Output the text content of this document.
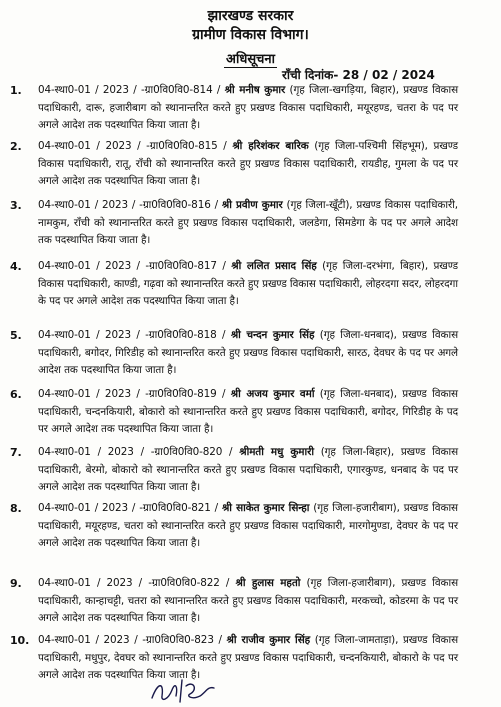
झारखण्ड सरकार
ग्रामीण विकास विभाग।
अधिसूचना
राँची दिनांक- 28 / 02 / 2024
1.	04-स्था0-01 / 2023 / -ग्रा0वि0वि0-814 / श्री मनीष कुमार (गृह जिला-खगड़िया, बिहार), प्रखण्ड विकास पदाधिकारी, दारू, हजारीबाग को स्थानान्तरित करते हुए प्रखण्ड विकास पदाधिकारी, मयूरहण्ड, चतरा के पद पर अगले आदेश तक पदस्थापित किया जाता है।
2.	04-स्था0-01 / 2023 / -ग्रा0वि0वि0-815 / श्री हरिशंकर बारिक (गृह जिला-पश्चिमी सिंहभूम), प्रखण्ड विकास पदाधिकारी, रातू, राँची को स्थानान्तरित करते हुए प्रखण्ड विकास पदाधिकारी, रायडीह, गुमला के पद पर अगले आदेश तक पदस्थापित किया जाता है।
3.	04-स्था0-01 / 2023 / -ग्रा0वि0वि0-816 / श्री प्रवीण कुमार (गृह जिला-खूँटी), प्रखण्ड विकास पदाधिकारी, नामकुम, राँची को स्थानान्तरित करते हुए प्रखण्ड विकास पदाधिकारी, जलडेगा, सिमडेगा के पद पर अगले आदेश तक पदस्थापित किया जाता है।
4.	04-स्था0-01 / 2023 / -ग्रा0वि0वि0-817 / श्री ललित प्रसाद सिंह (गृह जिला-दरभंगा, बिहार), प्रखण्ड विकास पदाधिकारी, काण्डी, गढ़वा को स्थानान्तरित करते हुए प्रखण्ड विकास पदाधिकारी, लोहरदगा सदर, लोहरदगा के पद पर अगले आदेश तक पदस्थापित किया जाता है।
5.	04-स्था0-01 / 2023 / -ग्रा0वि0वि0-818 / श्री चन्दन कुमार सिंह (गृह जिला-धनबाद), प्रखण्ड विकास पदाधिकारी, बगोदर, गिरिडीह को स्थानान्तरित करते हुए प्रखण्ड विकास पदाधिकारी, सारठ, देवघर के पद पर अगले आदेश तक पदस्थापित किया जाता है।
6.	04-स्था0-01 / 2023 / -ग्रा0वि0वि0-819 / श्री अजय कुमार वर्मा (गृह जिला-धनबाद), प्रखण्ड विकास पदाधिकारी, चन्दनकियारी, बोकारो को स्थानान्तरित करते हुए प्रखण्ड विकास पदाधिकारी, बगोदर, गिरिडीह के पद पर अगले आदेश तक पदस्थापित किया जाता है।
7.	04-स्था0-01 / 2023 / -ग्रा0वि0वि0-820 / श्रीमती मधु कुमारी (गृह जिला-बिहार), प्रखण्ड विकास पदाधिकारी, बेरमो, बोकारो को स्थानान्तरित करते हुए प्रखण्ड विकास पदाधिकारी, एगारकुण्ड, धनबाद के पद पर अगले आदेश तक पदस्थापित किया जाता है।
8.	04-स्था0-01 / 2023 / -ग्रा0वि0वि0-821 / श्री साकेत कुमार सिन्हा (गृह जिला-हजारीबाग), प्रखण्ड विकास पदाधिकारी, मयूरहण्ड, चतरा को स्थानान्तरित करते हुए प्रखण्ड विकास पदाधिकारी, मारगोमुण्डा, देवघर के पद पर अगले आदेश तक पदस्थापित किया जाता है।
9.	04-स्था0-01 / 2023 / -ग्रा0वि0वि0-822 / श्री हुलास महतो (गृह जिला-हजारीबाग), प्रखण्ड विकास पदाधिकारी, कान्हाचट्टी, चतरा को स्थानान्तरित करते हुए प्रखण्ड विकास पदाधिकारी, मरकच्चो, कोडरमा के पद पर अगले आदेश तक पदस्थापित किया जाता है।
10. 04-स्था0-01 / 2023 / -ग्रा0वि0वि0-823 / श्री राजीव कुमार सिंह (गृह जिला-जामताड़ा), प्रखण्ड विकास पदाधिकारी, मधुपुर, देवघर को स्थानान्तरित करते हुए प्रखण्ड विकास पदाधिकारी, चन्दनकियारी, बोकारो के पद पर अगले आदेश तक पदस्थापित किया जाता है।
